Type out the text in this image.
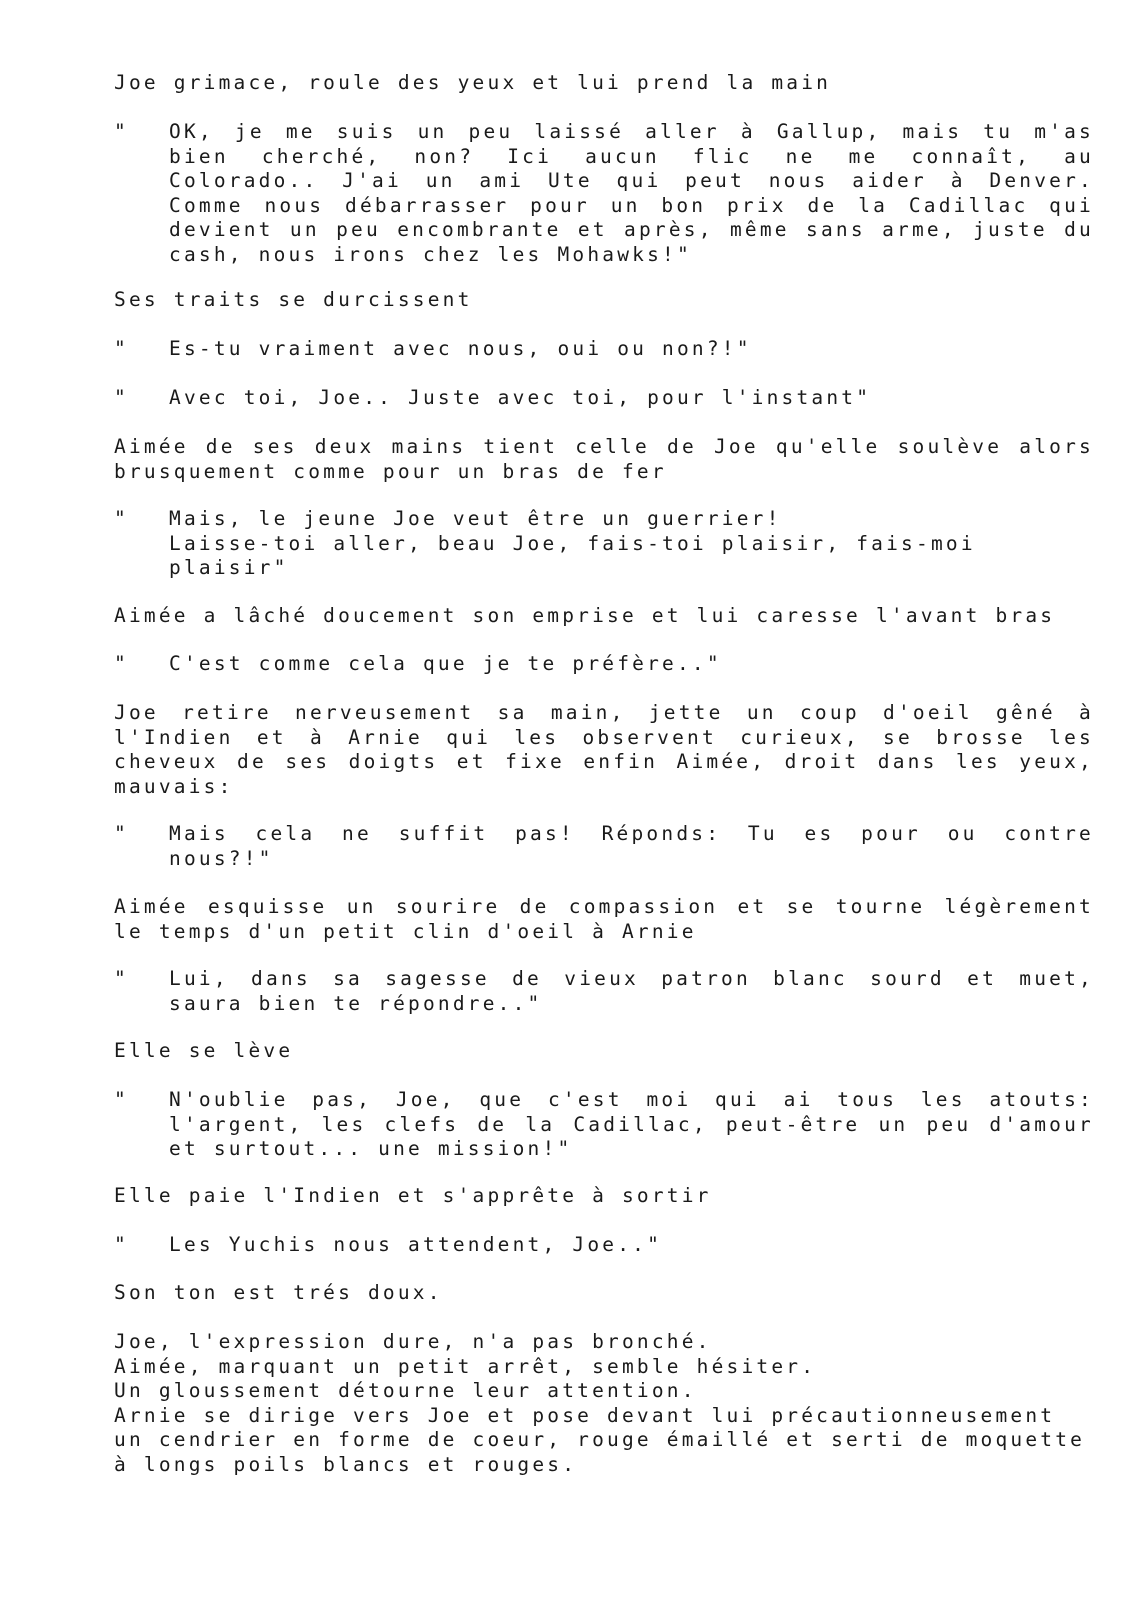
Joe grimace, roule des yeux et lui prend la main
"	OK, je me suis un peu laissé aller à Gallup, mais tu m'as bien cherché, non? Ici aucun flic ne me connaît, au Colorado.. J'ai un ami Ute qui peut nous aider à Denver. Comme nous débarrasser pour un bon prix de la Cadillac qui devient un peu encombrante et après, même sans arme, juste du cash, nous irons chez les Mohawks!"
Ses traits se durcissent
"	Es-tu vraiment avec nous, oui ou non?!"
"	Avec toi, Joe.. Juste avec toi, pour l'instant"
Aimée de ses deux mains tient celle de Joe qu'elle soulève alors brusquement comme pour un bras de fer
"	Mais, le jeune Joe veut être un guerrier!
Laisse-toi aller, beau Joe, fais-toi plaisir, fais-moi plaisir"
Aimée a lâché doucement son emprise et lui caresse l'avant bras
"	C'est comme cela que je te préfère.."
Joe retire nerveusement sa main, jette un coup d'oeil gêné à l'Indien et à Arnie qui les observent curieux, se brosse les cheveux de ses doigts et fixe enfin Aimée, droit dans les yeux, mauvais:
"	Mais cela ne suffit pas! Réponds: Tu es pour ou contre nous?!"
Aimée esquisse un sourire de compassion et se tourne légèrement le temps d'un petit clin d'oeil à Arnie
"	Lui, dans sa sagesse de vieux patron blanc sourd et muet, saura bien te répondre.."
Elle se lève
"	N'oublie pas, Joe, que c'est moi qui ai tous les atouts: l'argent, les clefs de la Cadillac, peut-être un peu d'amour et surtout... une mission!"
Elle paie l'Indien et s'apprête à sortir
"	Les Yuchis nous attendent, Joe.."
Son ton est trés doux.
Joe, l'expression dure, n'a pas bronché.
Aimée, marquant un petit arrêt, semble hésiter.
Un gloussement détourne leur attention.
Arnie se dirige vers Joe et pose devant lui précautionneusement un cendrier en forme de coeur, rouge émaillé et serti de moquette à longs poils blancs et rouges.
